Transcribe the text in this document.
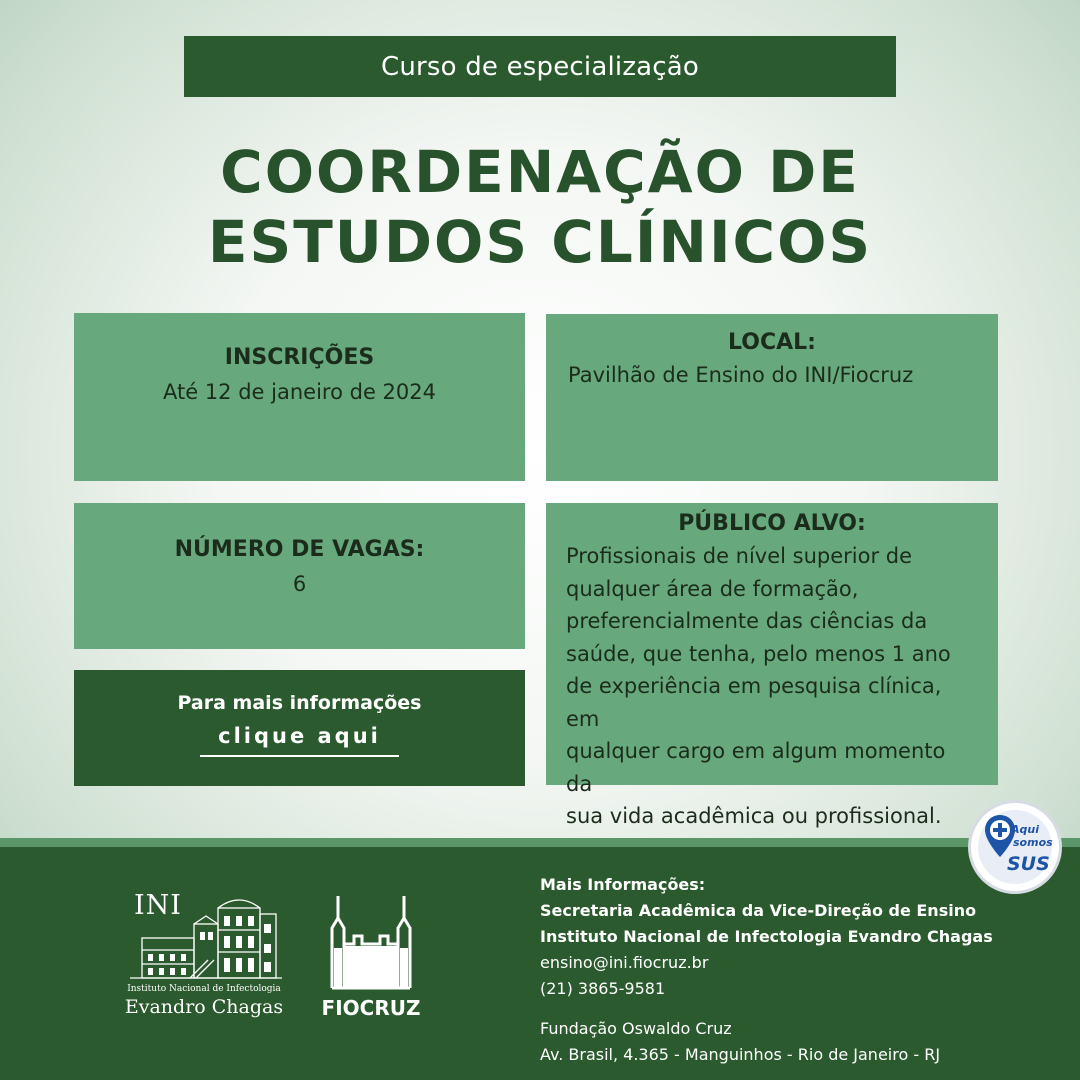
Curso de especialização
COORDENAÇÃO DE
ESTUDOS CLÍNICOS
INSCRIÇÕES
Até 12 de janeiro de 2024
LOCAL:
Pavilhão de Ensino do INI/Fiocruz
NÚMERO DE VAGAS:
6
PÚBLICO ALVO:
Profissionais de nível superior de
qualquer área de formação,
preferencialmente das ciências da
saúde, que tenha, pelo menos 1 ano
de experiência em pesquisa clínica, em
qualquer cargo em algum momento da
sua vida acadêmica ou profissional.
Para mais informações
clique aqui
INI
Instituto Nacional de Infectologia
Evandro Chagas FIOCRUZ
Mais Informações:
Secretaria Acadêmica da Vice-Direção de Ensino
Instituto Nacional de Infectologia Evandro Chagas
ensino@ini.fiocruz.br
(21) 3865-9581
Fundação Oswaldo Cruz
Av. Brasil, 4.365 - Manguinhos - Rio de Janeiro - RJ
Aqui
somos
SUS
